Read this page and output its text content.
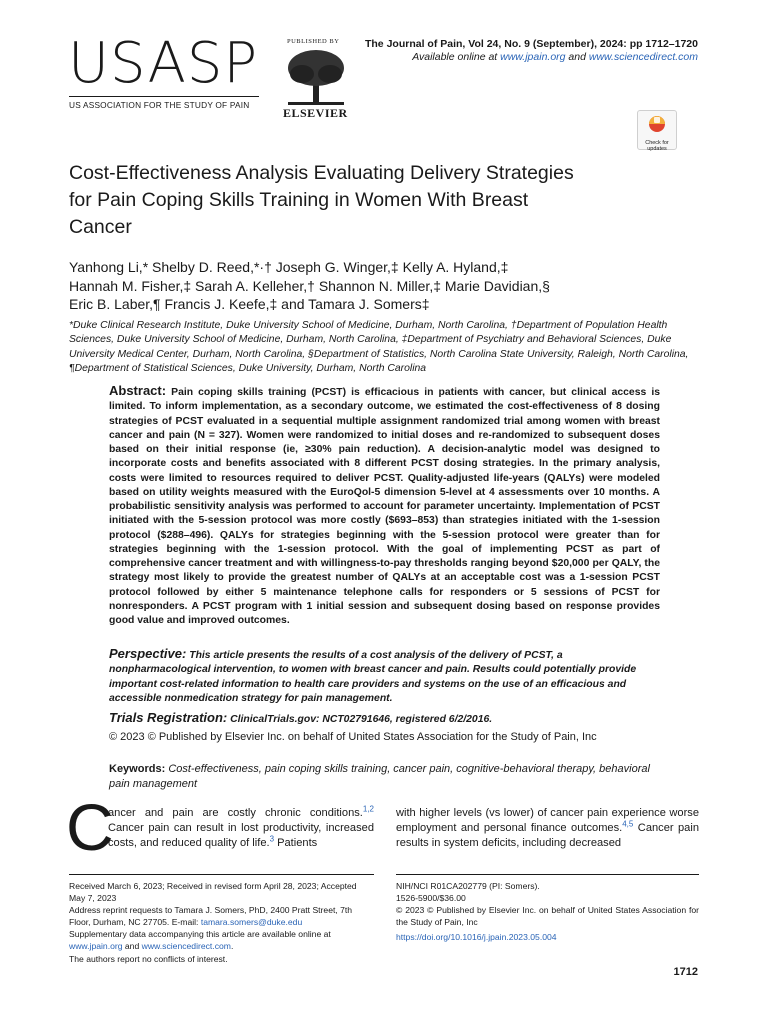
USASP
US ASSOCIATION FOR THE STUDY OF PAIN
PUBLISHED BY
ELSEVIER
The Journal of Pain, Vol 24, No. 9 (September), 2024: pp 1712–1720
Available online at www.jpain.org and www.sciencedirect.com
Check for updates
Cost-Effectiveness Analysis Evaluating Delivery Strategies for Pain Coping Skills Training in Women With Breast Cancer
Yanhong Li,* Shelby D. Reed,*·† Joseph G. Winger,‡ Kelly A. Hyland,‡
Hannah M. Fisher,‡ Sarah A. Kelleher,† Shannon N. Miller,‡ Marie Davidian,§
Eric B. Laber,¶ Francis J. Keefe,‡ and Tamara J. Somers‡
*Duke Clinical Research Institute, Duke University School of Medicine, Durham, North Carolina, †Department of Population Health Sciences, Duke University School of Medicine, Durham, North Carolina, ‡Department of Psychiatry and Behavioral Sciences, Duke University Medical Center, Durham, North Carolina, §Department of Statistics, North Carolina State University, Raleigh, North Carolina, ¶Department of Statistical Sciences, Duke University, Durham, North Carolina
Abstract: Pain coping skills training (PCST) is efficacious in patients with cancer, but clinical access is limited. To inform implementation, as a secondary outcome, we estimated the cost-effectiveness of 8 dosing strategies of PCST evaluated in a sequential multiple assignment randomized trial among women with breast cancer and pain (N = 327). Women were randomized to initial doses and re-randomized to subsequent doses based on their initial response (ie, ≥30% pain reduction). A decision-analytic model was designed to incorporate costs and benefits associated with 8 different PCST dosing strategies. In the primary analysis, costs were limited to resources required to deliver PCST. Quality-adjusted life-years (QALYs) were modeled based on utility weights measured with the EuroQol-5 dimension 5-level at 4 assessments over 10 months. A probabilistic sensitivity analysis was performed to account for parameter uncertainty. Implementation of PCST initiated with the 5-session protocol was more costly ($693–853) than strategies initiated with the 1-session protocol ($288–496). QALYs for strategies beginning with the 5-session protocol were greater than for strategies beginning with the 1-session protocol. With the goal of implementing PCST as part of comprehensive cancer treatment and with willingness-to-pay thresholds ranging beyond $20,000 per QALY, the strategy most likely to provide the greatest number of QALYs at an acceptable cost was a 1-session PCST protocol followed by either 5 maintenance telephone calls for responders or 5 sessions of PCST for nonresponders. A PCST program with 1 initial session and subsequent dosing based on response provides good value and improved outcomes.
Perspective: This article presents the results of a cost analysis of the delivery of PCST, a nonpharmacological intervention, to women with breast cancer and pain. Results could potentially provide important cost-related information to health care providers and systems on the use of an efficacious and accessible nonmedication strategy for pain management.
Trials Registration: ClinicalTrials.gov: NCT02791646, registered 6/2/2016.
© 2023 © Published by Elsevier Inc. on behalf of United States Association for the Study of Pain, Inc
Keywords: Cost-effectiveness, pain coping skills training, cancer pain, cognitive-behavioral therapy, behavioral pain management
C
ancer and pain are costly chronic conditions.$^{1,2}$ Cancer pain can result in lost productivity, increased costs, and reduced quality of life.$^3$ Patients
with higher levels (vs lower) of cancer pain experience worse employment and personal finance outcomes.$^{4,5}$ Cancer pain results in system deficits, including decreased
Received March 6, 2023; Received in revised form April 28, 2023; Accepted May 7, 2023
Address reprint requests to Tamara J. Somers, PhD, 2400 Pratt Street, 7th Floor, Durham, NC 27705. E-mail: tamara.somers@duke.edu
Supplementary data accompanying this article are available online at www.jpain.org and www.sciencedirect.com.
The authors report no conflicts of interest.
NIH/NCI R01CA202779 (PI: Somers).
1526-5900/$36.00
© 2023 © Published by Elsevier Inc. on behalf of United States Association for the Study of Pain, Inc
https://doi.org/10.1016/j.jpain.2023.05.004
1712
